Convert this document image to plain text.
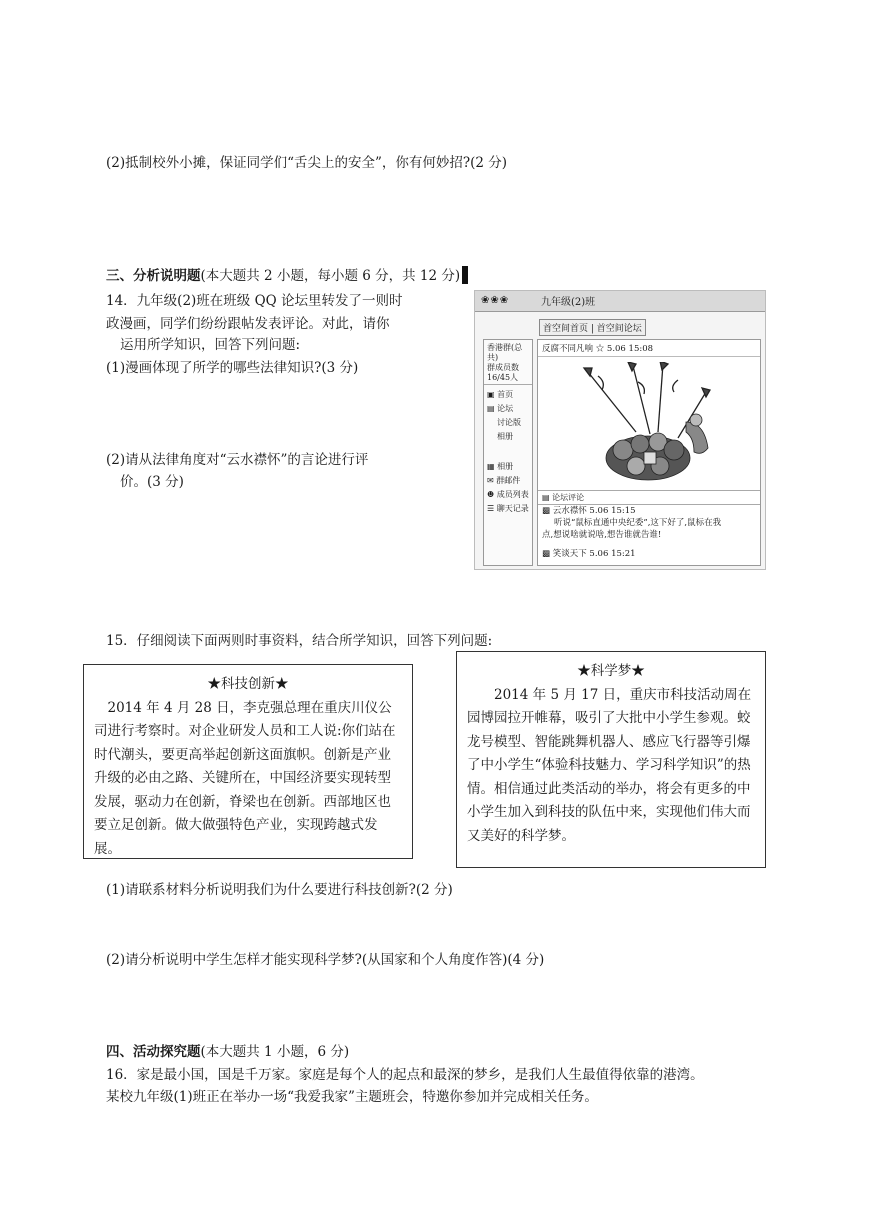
(2)抵制校外小摊，保证同学们“舌尖上的安全”，你有何妙招?(2 分)
三、分析说明题(本大题共 2 小题，每小题 6 分，共 12 分)
14．九年级(2)班在班级 QQ 论坛里转发了一则时
政漫画，同学们纷纷跟帖发表评论。对此，请你
运用所学知识，回答下列问题:
(1)漫画体现了所学的哪些法律知识?(3 分)
(2)请从法律角度对“云水襟怀”的言论进行评
价。(3 分)
❀❀❀	九年级(2)班
首空间首页 | 首空间论坛
香港群(总共)
群成员数
16/45人
▣ 首页
▤ 论坛
讨论版
相册
▦ 相册
✉ 群邮件
☻ 成员列表
☰ 聊天记录
反腐不同凡响 ☆ 5.06 15:08
▤ 论坛评论
▩ 云水襟怀 5.06 15:15
听说“鼠标直通中央纪委”,这下好了,鼠标在我
点,想说啥就说啥,想告谁就告谁!
▩ 笑谈天下 5.06 15:21
15．仔细阅读下面两则时事资料，结合所学知识，回答下列问题:
★科技创新★

　2014 年 4 月 28 日，李克强总理在重庆川仪公司进行考察时。对企业研发人员和工人说:你们站在时代潮头，要更高举起创新这面旗帜。创新是产业升级的必由之路、关键所在，中国经济要实现转型发展，驱动力在创新，脊梁也在创新。西部地区也要立足创新。做大做强特色产业，实现跨越式发展。

★科学梦★

　　2014 年 5 月 17 日，重庆市科技活动周在园博园拉开帷幕，吸引了大批中小学生参观。蛟龙号模型、智能跳舞机器人、感应飞行器等引爆了中小学生“体验科技魅力、学习科学知识”的热情。相信通过此类活动的举办，将会有更多的中小学生加入到科技的队伍中来，实现他们伟大而又美好的科学梦。

(1)请联系材料分析说明我们为什么要进行科技创新?(2 分)
(2)请分析说明中学生怎样才能实现科学梦?(从国家和个人角度作答)(4 分)
四、活动探究题(本大题共 1 小题，6 分)
16．家是最小国，国是千万家。家庭是每个人的起点和最深的梦乡，是我们人生最值得依靠的港湾。
某校九年级(1)班正在举办一场“我爱我家”主题班会，特邀你参加并完成相关任务。
